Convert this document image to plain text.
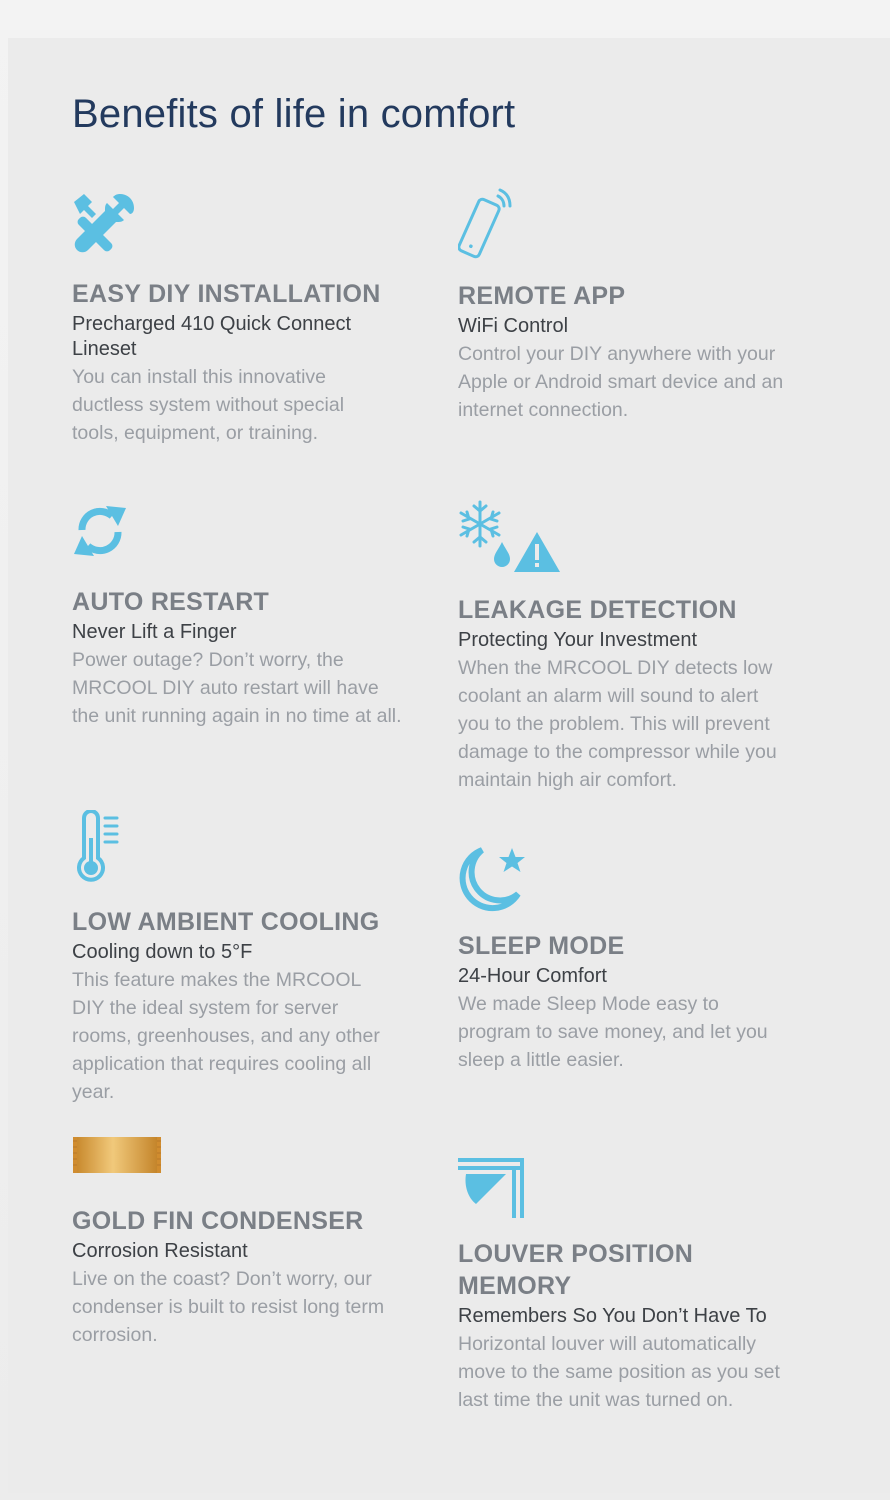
Benefits of life in comfort
EASY DIY INSTALLATION
Precharged 410 Quick Connect Lineset
You can install this innovative ductless system without special tools, equipment, or training.
REMOTE APP
WiFi Control
Control your DIY anywhere with your Apple or Android smart device and an internet connection.
AUTO RESTART
Never Lift a Finger
Power outage? Don’t worry, the MRCOOL DIY auto restart will have the unit running again in no time at all.
LEAKAGE DETECTION
Protecting Your Investment
When the MRCOOL DIY detects low coolant an alarm will sound to alert you to the problem. This will prevent damage to the compressor while you maintain high air comfort.
LOW AMBIENT COOLING
Cooling down to 5°F
This feature makes the MRCOOL DIY the ideal system for server rooms, greenhouses, and any other application that requires cooling all year.
SLEEP MODE
24-Hour Comfort
We made Sleep Mode easy to program to save money, and let you sleep a little easier.
GOLD FIN CONDENSER
Corrosion Resistant
Live on the coast? Don’t worry, our condenser is built to resist long term corrosion.
LOUVER POSITION MEMORY
Remembers So You Don’t Have To
Horizontal louver will automatically move to the same position as you set last time the unit was turned on.
